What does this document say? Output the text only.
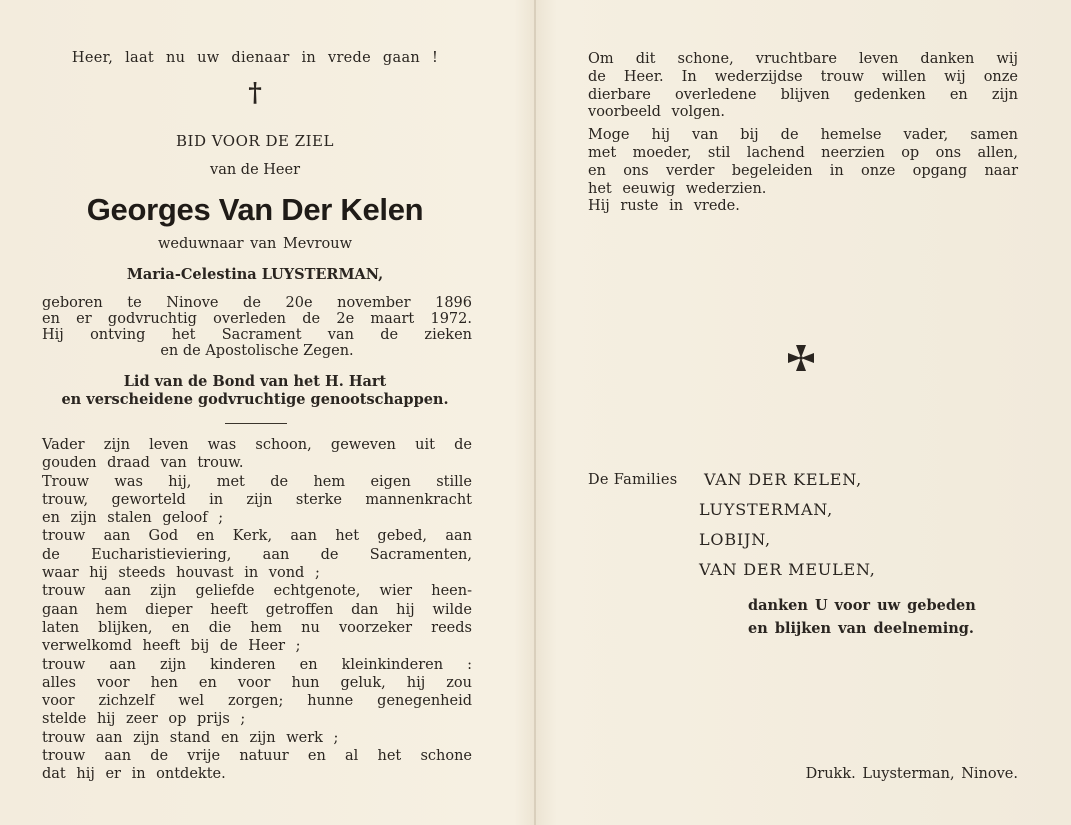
Heer, laat nu uw dienaar in vrede gaan !
†
BID VOOR DE ZIEL
van de Heer
Georges Van Der Kelen
weduwnaar van Mevrouw
Maria-Celestina LUYSTERMAN,
geboren te Ninove de 20e november 1896
en er godvruchtig overleden de 2e maart 1972.
Hij ontving het Sacrament van de zieken
en de Apostolische Zegen.
Lid van de Bond van het H. Hart
en verscheidene godvruchtige genootschappen.
Vader zijn leven was schoon, geweven uit de
gouden draad van trouw.
Trouw was hij, met de hem eigen stille
trouw, geworteld in zijn sterke mannenkracht
en zijn stalen geloof ;
trouw aan God en Kerk, aan het gebed, aan
de Eucharistieviering, aan de Sacramenten,
waar hij steeds houvast in vond ;
trouw aan zijn geliefde echtgenote, wier heen-
gaan hem dieper heeft getroffen dan hij wilde
laten blijken, en die hem nu voorzeker reeds
verwelkomd heeft bij de Heer ;
trouw aan zijn kinderen en kleinkinderen :
alles voor hen en voor hun geluk, hij zou
voor zichzelf wel zorgen; hunne genegenheid
stelde hij zeer op prijs ;
trouw aan zijn stand en zijn werk ;
trouw aan de vrije natuur en al het schone
dat hij er in ontdekte.
Om dit schone, vruchtbare leven danken wij
de Heer. In wederzijdse trouw willen wij onze
dierbare overledene blijven gedenken en zijn
voorbeeld volgen.
Moge hij van bij de hemelse vader, samen
met moeder, stil lachend neerzien op ons allen,
en ons verder begeleiden in onze opgang naar
het eeuwig wederzien.
Hij ruste in vrede.
De Families VAN DER KELEN,
LUYSTERMAN,
LOBIJN,
VAN DER MEULEN,
danken U voor uw gebeden
en blijken van deelneming.
Drukk. Luysterman, Ninove.
